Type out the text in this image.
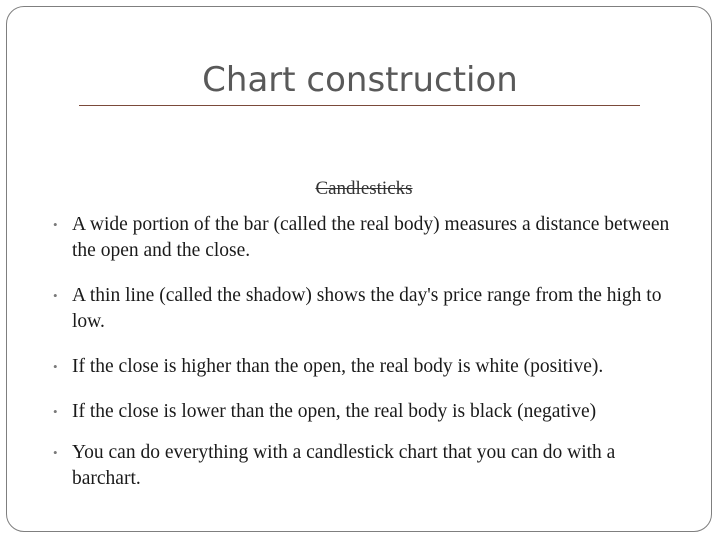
Chart construction
Candlesticks
• A wide portion of the bar (called the real body) measures a distance between the open and the close.
• A thin line (called the shadow) shows the day's price range from the high to low.
• If the close is higher than the open, the real body is white (positive).
• If the close is lower than the open, the real body is black (negative)
• You can do everything with a candlestick chart that you can do with a barchart.
